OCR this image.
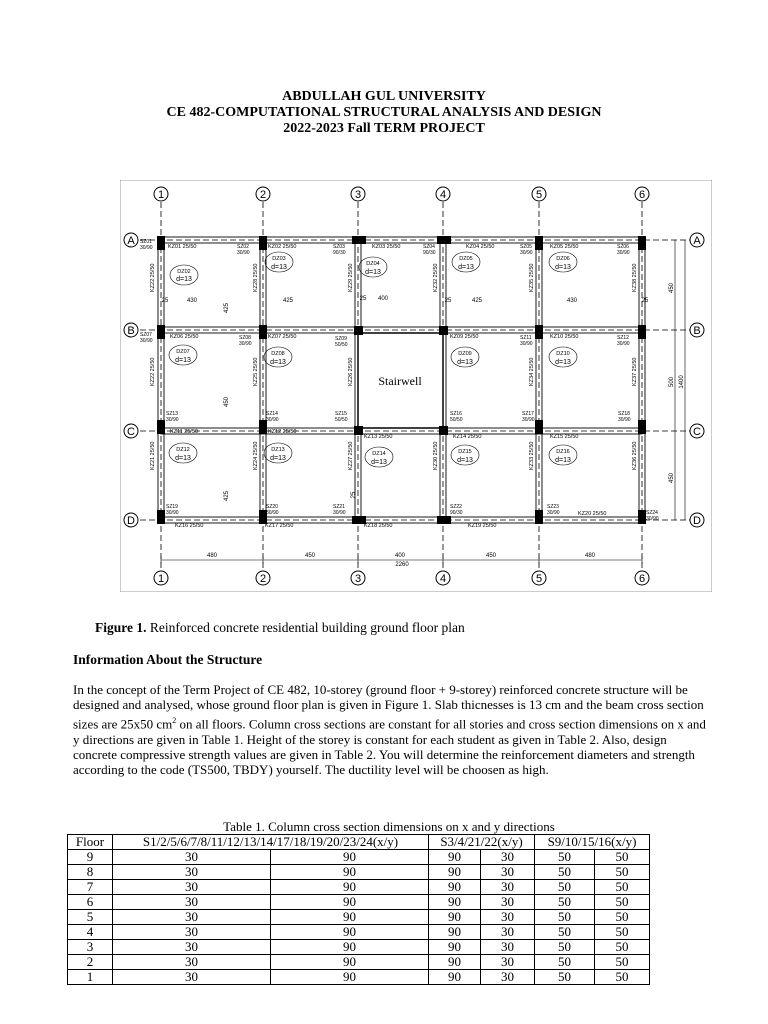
ABDULLAH GUL UNIVERSITY
CE 482-COMPUTATIONAL STRUCTURAL ANALYSIS AND DESIGN
2022-2023 Fall TERM PROJECT
Stairwell
1	2	3	4	5	6
1	2	3	4	5	6
A
B
C
D
A
B
C
D
KZ01 25/50	KZ02 25/50	KZ03 25/50	KZ04 25/50	KZ05 25/50
KZ06 25/50	KZ07 25/50	KZ09 25/50	KZ10 25/50
KZ11 25/50	KZ12 25/50
KZ13 25/50	KZ14 25/50	KZ15 25/50
KZ16 25/50	KZ17 25/50	KZ18 25/50	KZ19 25/50
KZ20 25/50
KZ22 25/50	KZ28 25/50	KZ29 25/50	KZ32 25/50	KZ35 25/50	KZ38 25/50
KZ22 25/50	KZ25 25/50	KZ26 25/50	KZ34 25/50	KZ37 25/50
KZ21 25/50	KZ24 25/50	KZ27 25/50	KZ30 25/50	KZ33 25/50	KZ36 25/50
SZ01
30/90	SZ02
30/90
SZ03
90/30
SZ04
90/30
SZ05
30/90
SZ06
30/90
SZ07
30/90	SZ08
30/90
SZ09
50/50
SZ11
30/90
SZ12
30/90
SZ13
30/90
SZ14
30/90
SZ15
50/50
SZ16
50/50
SZ17
30/90
SZ18
30/90
SZ19
30/90
SZ20
30/90
SZ21
30/90
SZ22
90/30
SZ23
30/90	SZ24
30/90
DZ02
d=13
DZ03
d=13	DZ04
d=13
DZ05
d=13
DZ06
d=13
DZ07
d=13
DZ08
d=13
DZ09
d=13
DZ10
d=13
DZ12
d=13
DZ13
d=13
DZ14
d=13
DZ15
d=13
DZ16
d=13
430	425	400	425	430
25	25	25	25
425
450
425	25
480	450	400	450	480
2260
450
500
450
1400
Figure 1. Reinforced concrete residential building ground floor plan
Information About the Structure
In the concept of the Term Project of CE 482, 10-storey (ground floor + 9-storey) reinforced concrete structure will be designed and analysed, whose ground floor plan is given in Figure 1. Slab thicnesses is 13 cm and the beam cross section sizes are 25x50 $cm^2$ on all floors. Column cross sections are constant for all stories and cross section dimensions on x and y directions are given in Table 1. Height of the storey is constant for each student as given in Table 2. Also, design concrete compressive strength values are given in Table 2. You will determine the reinforcement diameters and strength according to the code (TS500, TBDY) yourself. The ductility level will be choosen as high.
Table 1. Column cross section dimensions on x and y directions
Floor	S1/2/5/6/7/8/11/12/13/14/17/18/19/20/23/24(x/y)		S3/4/21/22(x/y)		S9/10/15/16(x/y)	
9	30	90	90	30	50	50
8	30	90	90	30	50	50
7	30	90	90	30	50	50
6	30	90	90	30	50	50
5	30	90	90	30	50	50
4	30	90	90	30	50	50
3	30	90	90	30	50	50
2	30	90	90	30	50	50
1	30	90	90	30	50	50
